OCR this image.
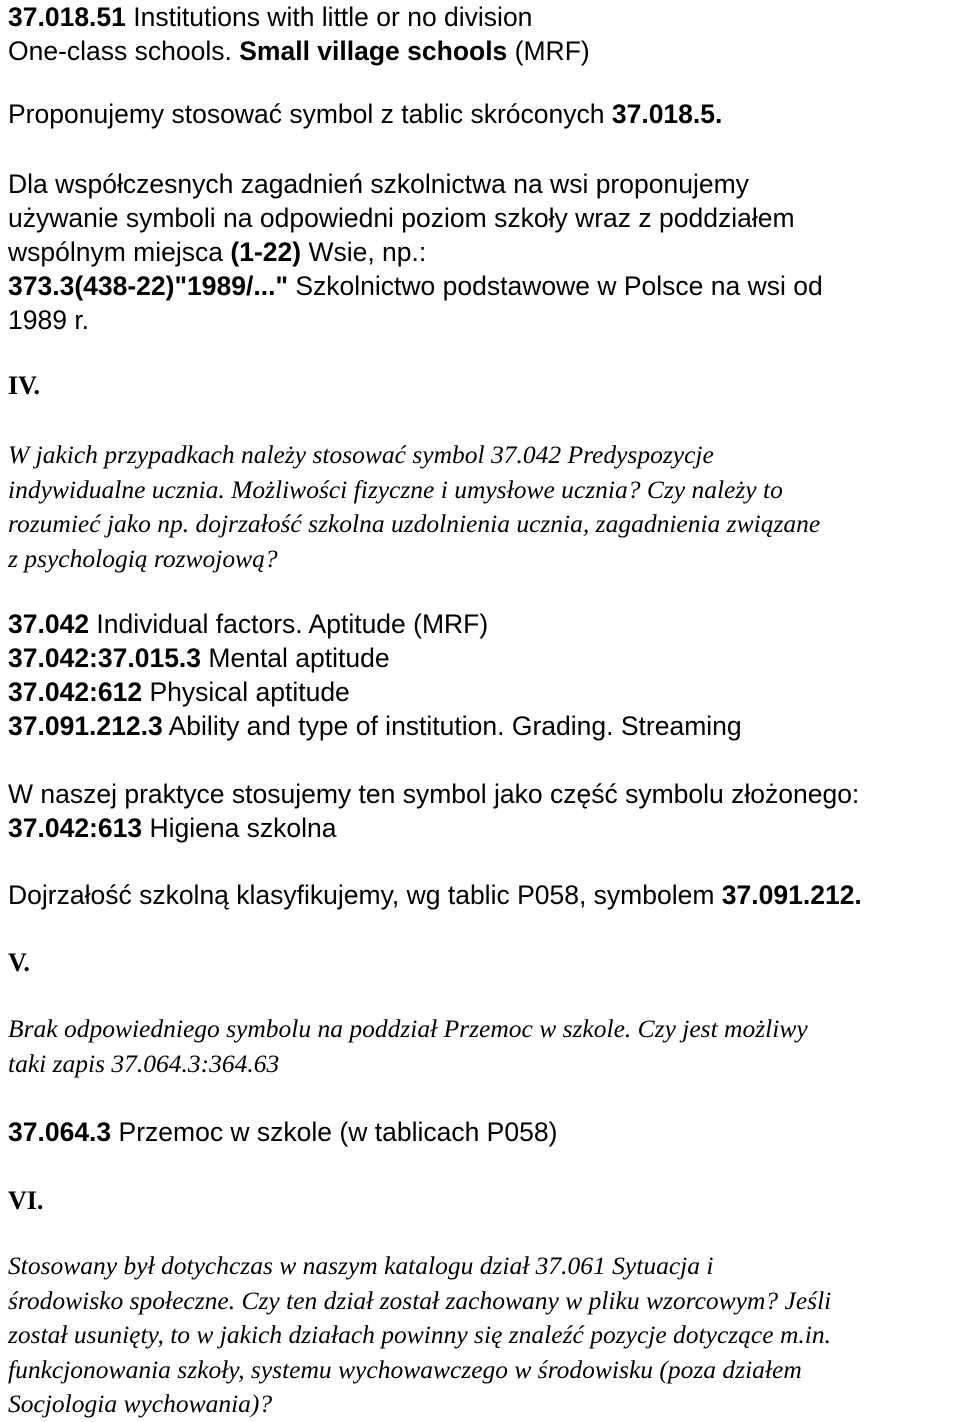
37.018.51 Institutions with little or no division

One-class schools. Small village schools (MRF)

Proponujemy stosować symbol z tablic skróconych 37.018.5.

Dla współczesnych zagadnień szkolnictwa na wsi proponujemy

używanie symboli na odpowiedni poziom szkoły wraz z poddziałem

wspólnym miejsca (1-22) Wsie, np.:

373.3(438-22)"1989/..." Szkolnictwo podstawowe w Polsce na wsi od

1989 r.

IV.

W jakich przypadkach należy stosować symbol 37.042 Predyspozycje

indywidualne ucznia. Możliwości fizyczne i umysłowe ucznia? Czy należy to

rozumieć jako np. dojrzałość szkolna uzdolnienia ucznia, zagadnienia związane

z psychologią rozwojową?

37.042 Individual factors. Aptitude (MRF)

37.042:37.015.3 Mental aptitude

37.042:612 Physical aptitude

37.091.212.3 Ability and type of institution. Grading. Streaming

W naszej praktyce stosujemy ten symbol jako część symbolu złożonego:

37.042:613 Higiena szkolna

Dojrzałość szkolną klasyfikujemy, wg tablic P058, symbolem 37.091.212.

V.

Brak odpowiedniego symbolu na poddział Przemoc w szkole. Czy jest możliwy

taki zapis 37.064.3:364.63

37.064.3 Przemoc w szkole (w tablicach P058)

VI.

Stosowany był dotychczas w naszym katalogu dział 37.061 Sytuacja i

środowisko społeczne. Czy ten dział został zachowany w pliku wzorcowym? Jeśli

został usunięty, to w jakich działach powinny się znaleźć pozycje dotyczące m.in.

funkcjonowania szkoły, systemu wychowawczego w środowisku (poza działem

Socjologia wychowania)?
